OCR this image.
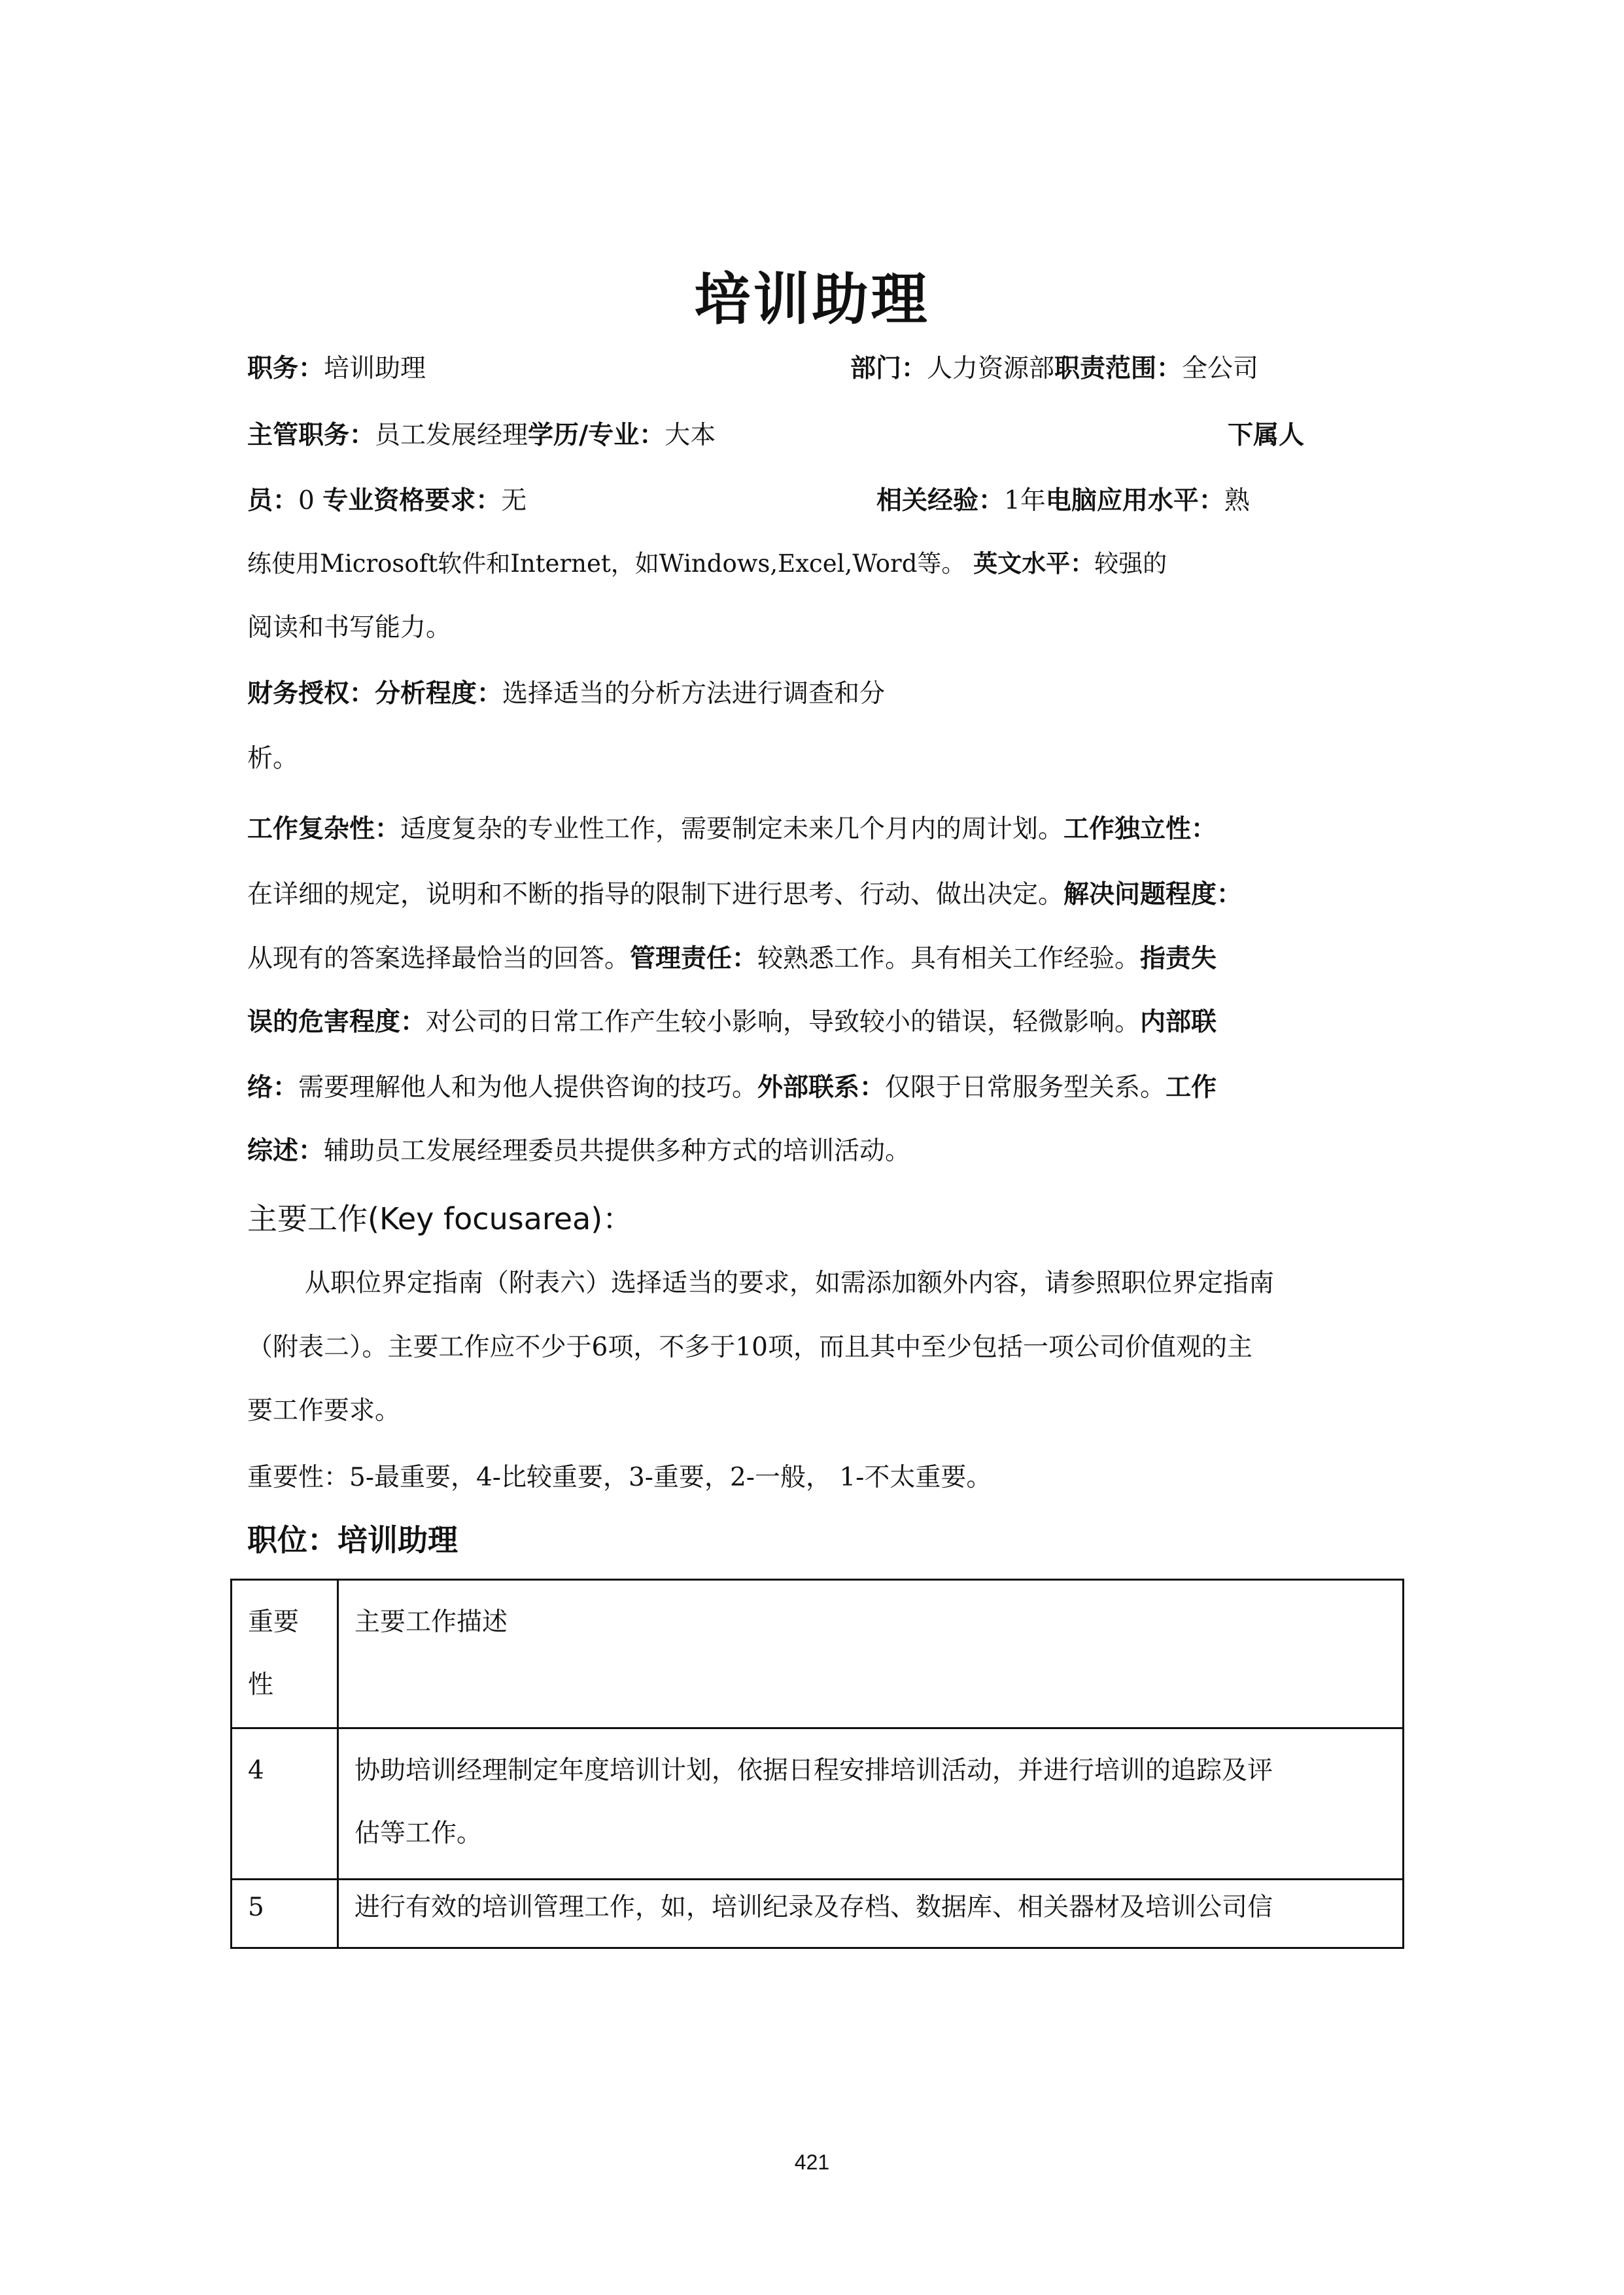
培训助理
职务：培训助理	部门：人力资源部职责范围：全公司
主管职务：员工发展经理学历/专业：大本	下属人
员：0 专业资格要求：无	相关经验：1年电脑应用水平：熟
练使用Microsoft软件和Internet，如Windows,Excel,Word等。 英文水平：较强的
阅读和书写能力。
财务授权：分析程度：选择适当的分析方法进行调查和分
析。
工作复杂性：适度复杂的专业性工作，需要制定未来几个月内的周计划。工作独立性：
在详细的规定，说明和不断的指导的限制下进行思考、行动、做出决定。解决问题程度：
从现有的答案选择最恰当的回答。管理责任：较熟悉工作。具有相关工作经验。指责失
误的危害程度：对公司的日常工作产生较小影响，导致较小的错误，轻微影响。内部联
络：需要理解他人和为他人提供咨询的技巧。外部联系：仅限于日常服务型关系。工作
综述：辅助员工发展经理委员共提供多种方式的培训活动。
主要工作(Key focusarea)：
从职位界定指南（附表六）选择适当的要求，如需添加额外内容，请参照职位界定指南
（附表二）。主要工作应不少于6项，不多于10项，而且其中至少包括一项公司价值观的主
要工作要求。
重要性：5-最重要，4-比较重要，3-重要，2-一般， 1-不太重要。
职位：培训助理
重要
性	主要工作描述
4	协助培训经理制定年度培训计划，依据日程安排培训活动，并进行培训的追踪及评
估等工作。
5	进行有效的培训管理工作，如，培训纪录及存档、数据库、相关器材及培训公司信
421
